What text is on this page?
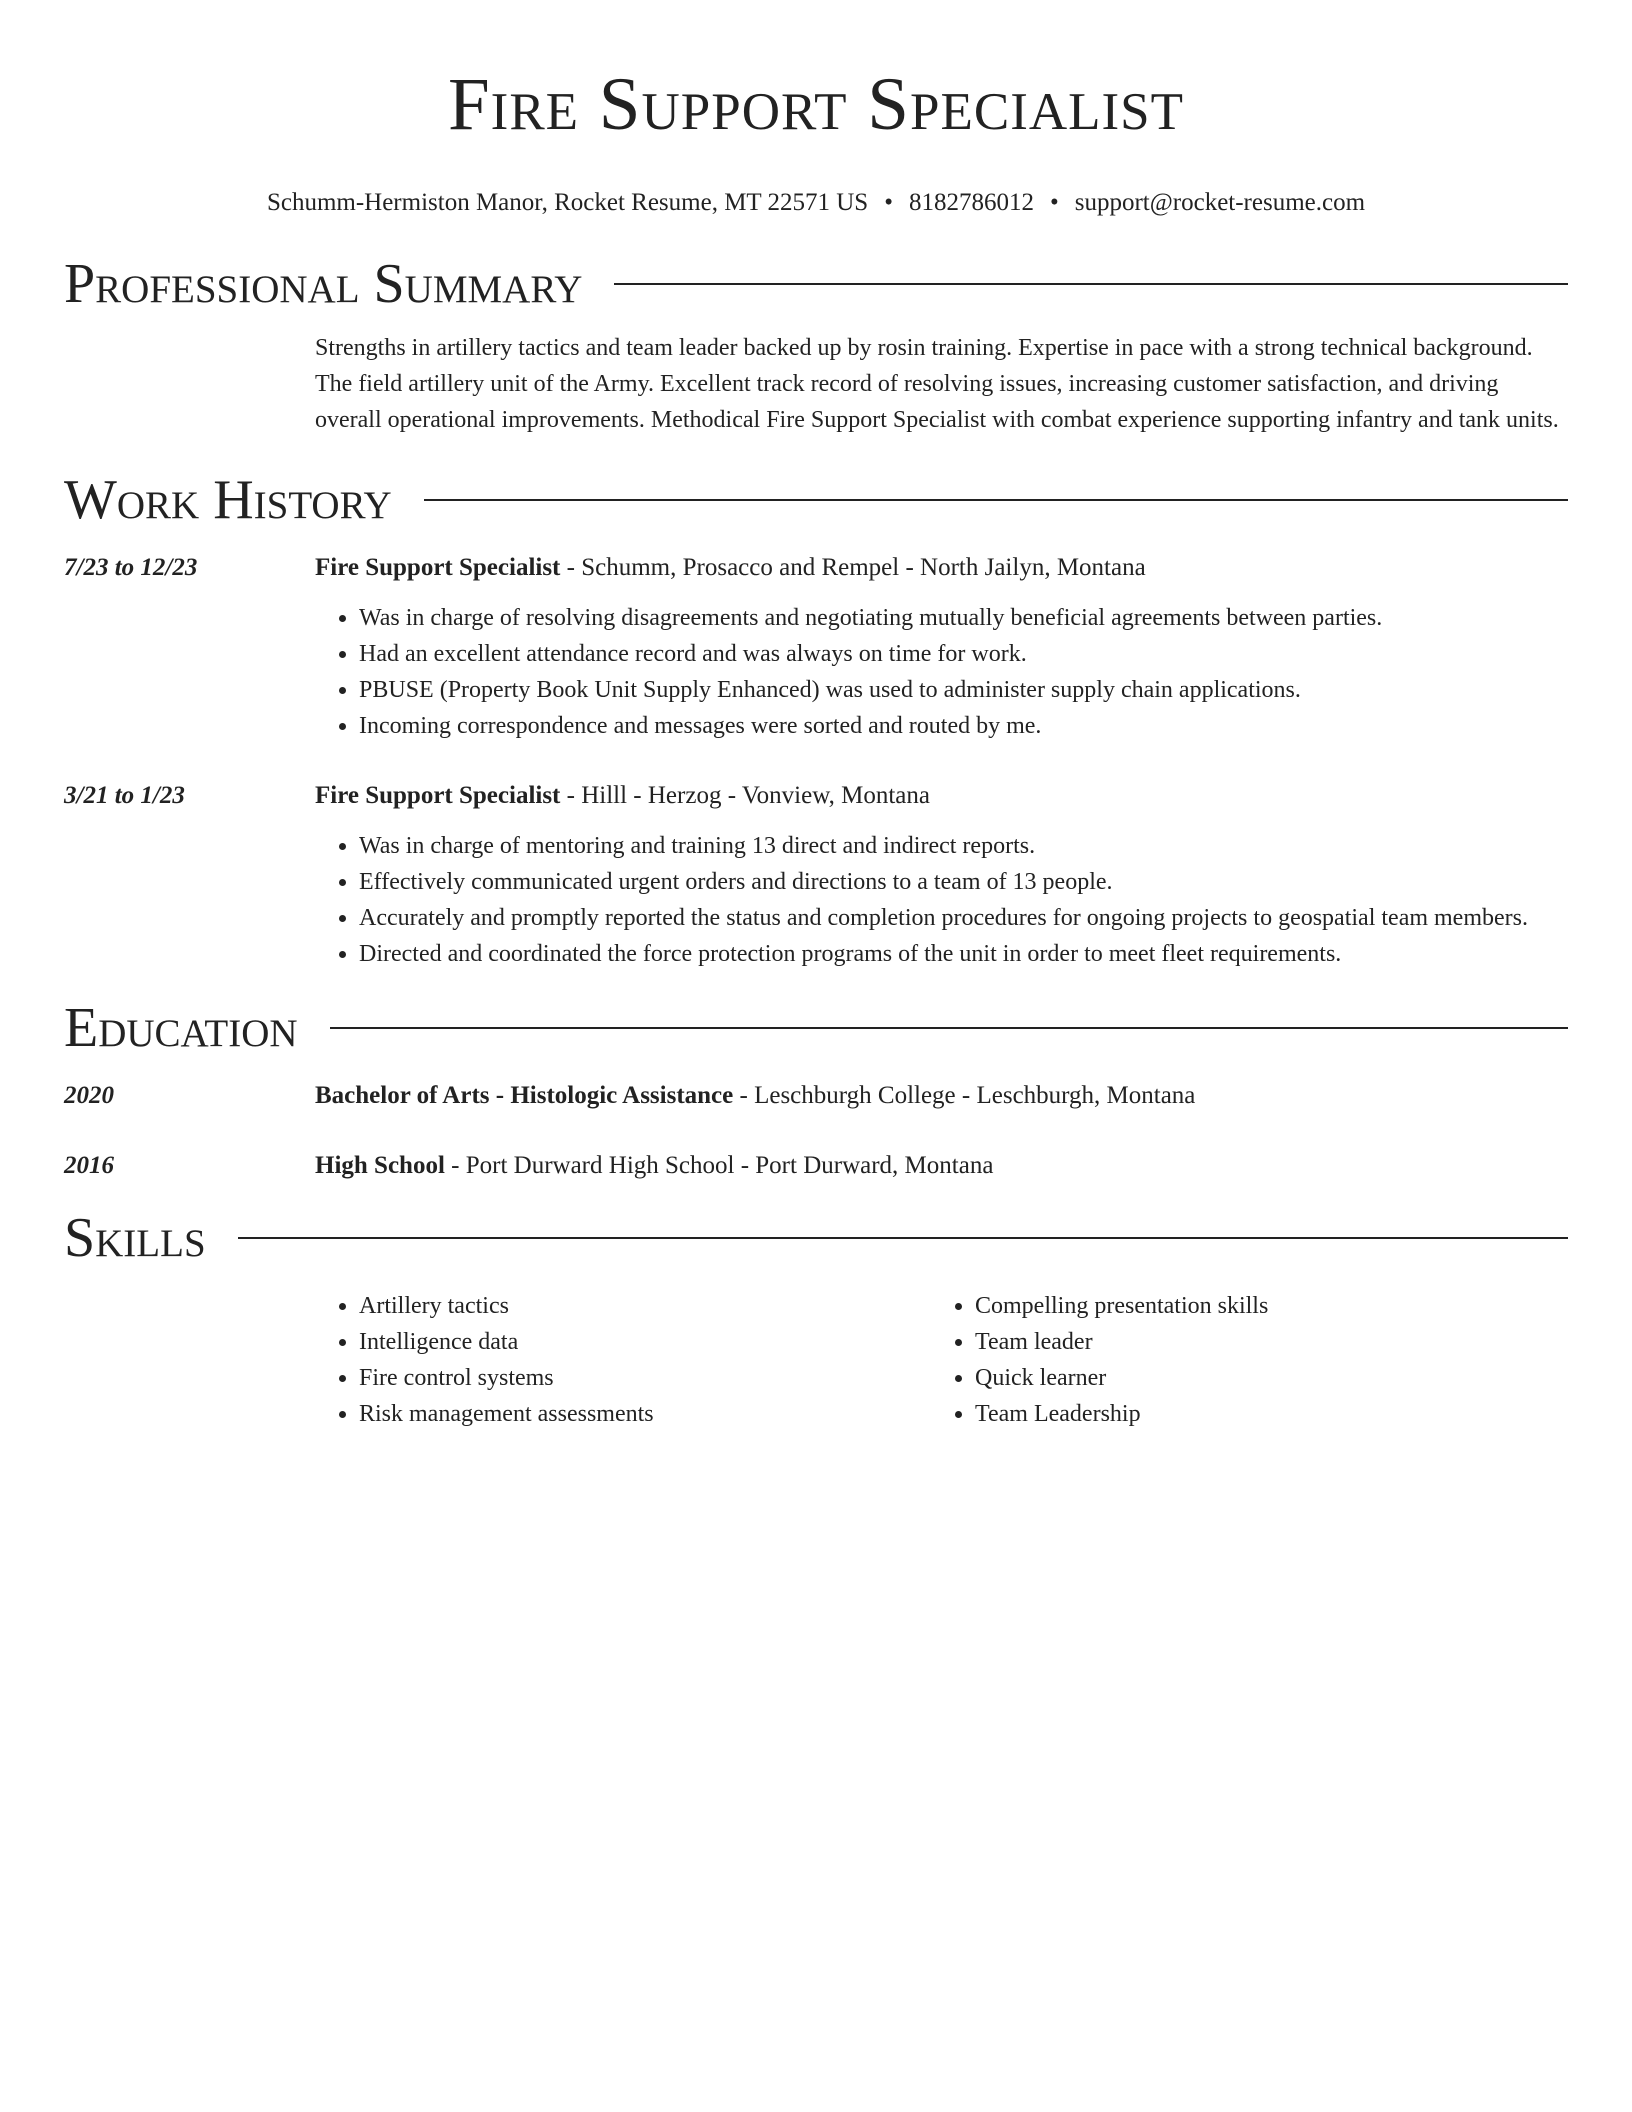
Fire Support Specialist
Schumm-Hermiston Manor, Rocket Resume, MT 22571 US • 8182786012 • support@rocket-resume.com
Professional Summary

Strengths in artillery tactics and team leader backed up by rosin training. Expertise in pace with a strong technical background. The field artillery unit of the Army. Excellent track record of resolving issues, increasing customer satisfaction, and driving overall operational improvements. Methodical Fire Support Specialist with combat experience supporting infantry and tank units.

Work History
7/23 to 12/23	Fire Support Specialist - Schumm, Prosacco and Rempel - North Jailyn, Montana
• Was in charge of resolving disagreements and negotiating mutually beneficial agreements between parties.
• Had an excellent attendance record and was always on time for work.
• PBUSE (Property Book Unit Supply Enhanced) was used to administer supply chain applications.
• Incoming correspondence and messages were sorted and routed by me.
3/21 to 1/23	Fire Support Specialist - Hilll - Herzog - Vonview, Montana
• Was in charge of mentoring and training 13 direct and indirect reports.
• Effectively communicated urgent orders and directions to a team of 13 people.
• Accurately and promptly reported the status and completion procedures for ongoing projects to geospatial team members.
• Directed and coordinated the force protection programs of the unit in order to meet fleet requirements.
Education
2020	Bachelor of Arts - Histologic Assistance - Leschburgh College - Leschburgh, Montana
2016	High School - Port Durward High School - Port Durward, Montana
Skills
• Artillery tactics
• Intelligence data
• Fire control systems
• Risk management assessments
• Compelling presentation skills
• Team leader
• Quick learner
• Team Leadership
